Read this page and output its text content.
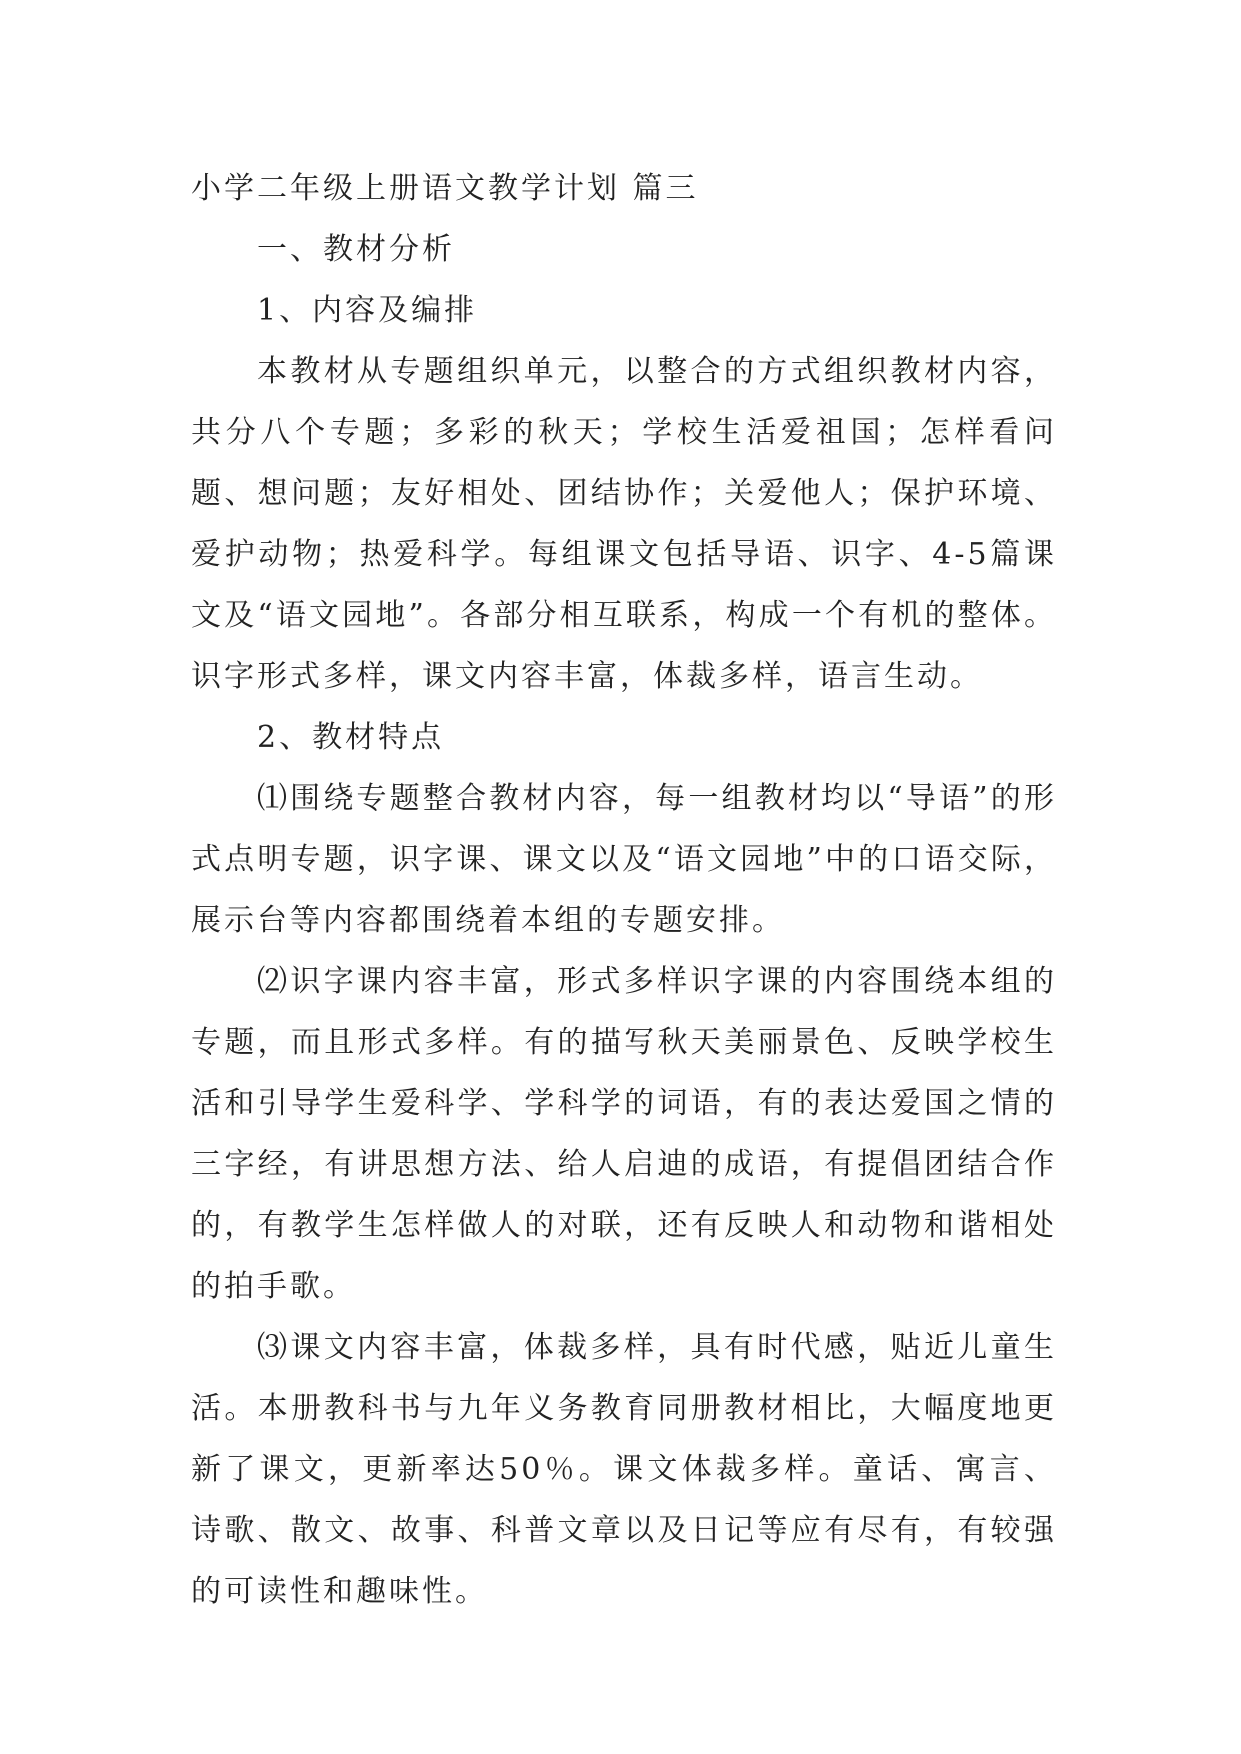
小学二年级上册语文教学计划 篇三

一、教材分析

1、内容及编排

本教材从专题组织单元，以整合的方式组织教材内容，共分八个专题；多彩的秋天；学校生活爱祖国；怎样看问题、想问题；友好相处、团结协作；关爱他人；保护环境、爱护动物；热爱科学。每组课文包括导语、识字、4-5篇课文及“语文园地”。各部分相互联系，构成一个有机的整体。识字形式多样，课文内容丰富，体裁多样，语言生动。

2、教材特点

⑴围绕专题整合教材内容，每一组教材均以“导语”的形式点明专题，识字课、课文以及“语文园地”中的口语交际，展示台等内容都围绕着本组的专题安排。

⑵识字课内容丰富，形式多样识字课的内容围绕本组的专题，而且形式多样。有的描写秋天美丽景色、反映学校生活和引导学生爱科学、学科学的词语，有的表达爱国之情的三字经，有讲思想方法、给人启迪的成语，有提倡团结合作的，有教学生怎样做人的对联，还有反映人和动物和谐相处的拍手歌。

⑶课文内容丰富，体裁多样，具有时代感，贴近儿童生活。本册教科书与九年义务教育同册教材相比，大幅度地更新了课文，更新率达50％。课文体裁多样。童话、寓言、诗歌、散文、故事、科普文章以及日记等应有尽有，有较强的可读性和趣味性。
